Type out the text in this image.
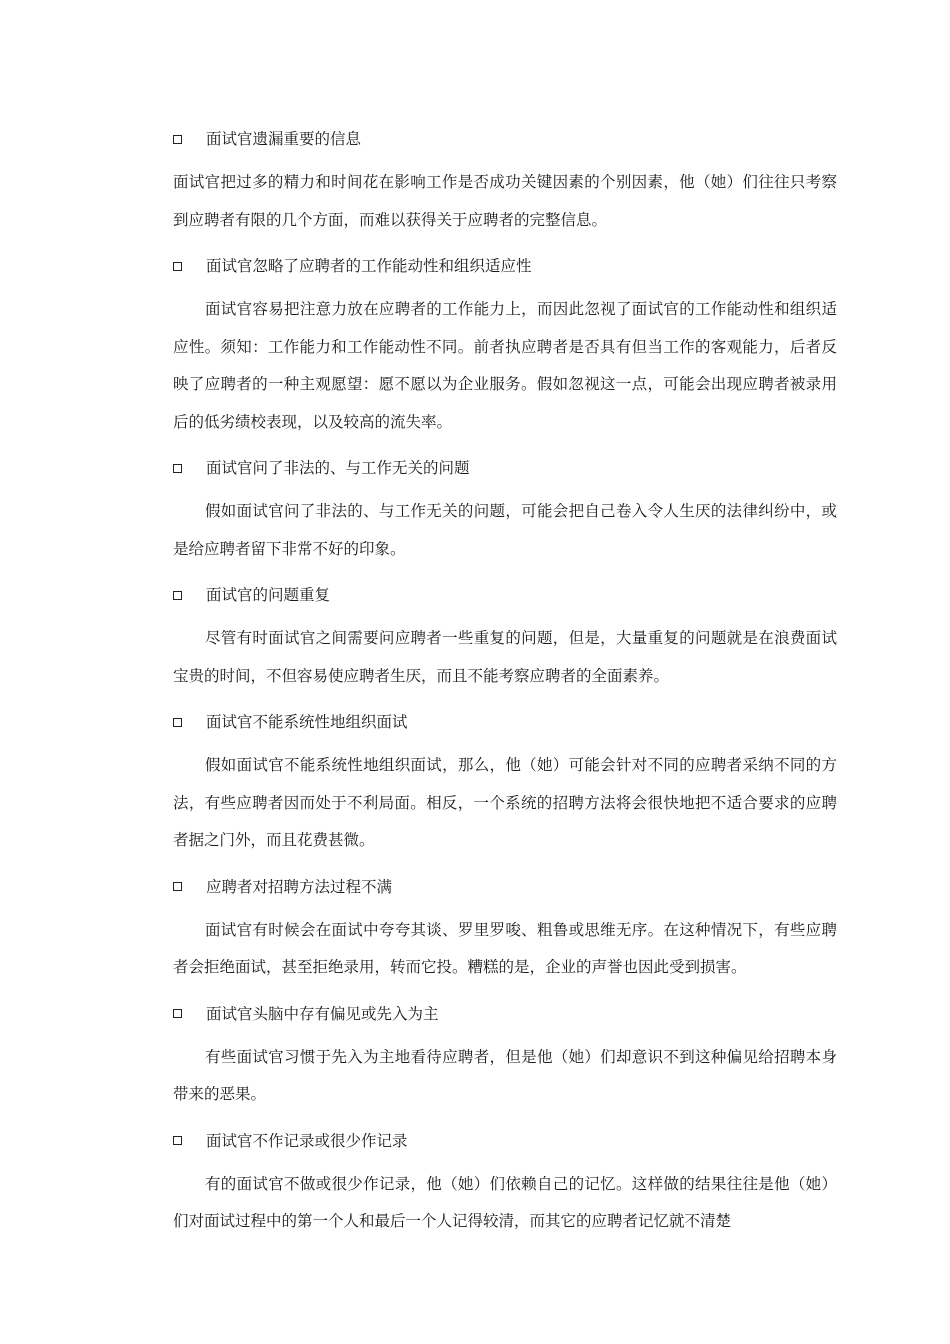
面试官遗漏重要的信息

面试官把过多的精力和时间花在影响工作是否成功关键因素的个别因素，他（她）们往往只考察到应聘者有限的几个方面，而难以获得关于应聘者的完整信息。

面试官忽略了应聘者的工作能动性和组织适应性

面试官容易把注意力放在应聘者的工作能力上，而因此忽视了面试官的工作能动性和组织适应性。须知：工作能力和工作能动性不同。前者执应聘者是否具有但当工作的客观能力，后者反映了应聘者的一种主观愿望：愿不愿以为企业服务。假如忽视这一点，可能会出现应聘者被录用后的低劣绩校表现，以及较高的流失率。

面试官问了非法的、与工作无关的问题

假如面试官问了非法的、与工作无关的问题，可能会把自己卷入令人生厌的法律纠纷中，或是给应聘者留下非常不好的印象。

面试官的问题重复

尽管有时面试官之间需要问应聘者一些重复的问题，但是，大量重复的问题就是在浪费面试宝贵的时间，不但容易使应聘者生厌，而且不能考察应聘者的全面素养。

面试官不能系统性地组织面试

假如面试官不能系统性地组织面试，那么，他（她）可能会针对不同的应聘者采纳不同的方法，有些应聘者因而处于不利局面。相反，一个系统的招聘方法将会很快地把不适合要求的应聘者据之门外，而且花费甚微。

应聘者对招聘方法过程不满

面试官有时候会在面试中夸夸其谈、罗里罗唆、粗鲁或思维无序。在这种情况下，有些应聘者会拒绝面试，甚至拒绝录用，转而它投。糟糕的是，企业的声誉也因此受到损害。

面试官头脑中存有偏见或先入为主

有些面试官习惯于先入为主地看待应聘者，但是他（她）们却意识不到这种偏见给招聘本身带来的恶果。

面试官不作记录或很少作记录

有的面试官不做或很少作记录，他（她）们依赖自己的记忆。这样做的结果往往是他（她）们对面试过程中的第一个人和最后一个人记得较清，而其它的应聘者记忆就不清楚
